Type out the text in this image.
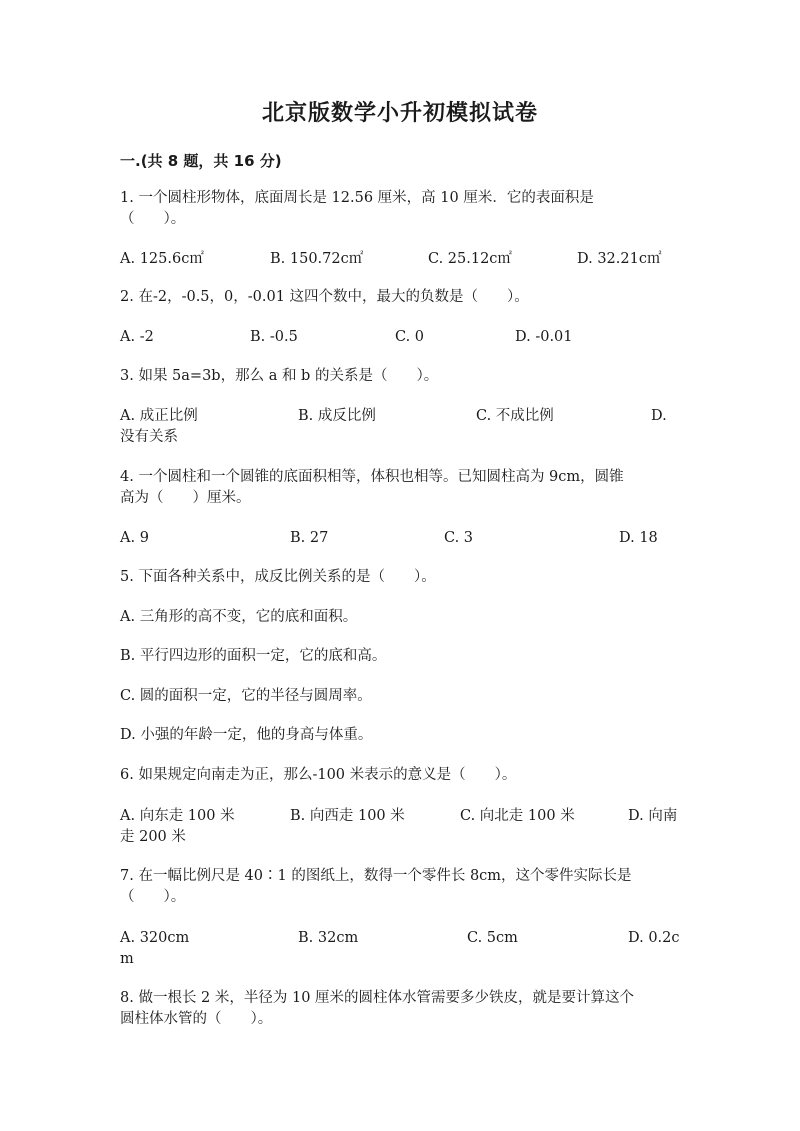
北京版数学小升初模拟试卷
一.(共 8 题，共 16 分)
1. 一个圆柱形物体，底面周长是 12.56 厘米，高 10 厘米．它的表面积是
（　　）。
A. 125.6c㎡	B. 150.72c㎡	C. 25.12c㎡	D. 32.21c㎡
2. 在-2，-0.5，0，-0.01 这四个数中，最大的负数是（　　）。
A. -2	B. -0.5	C. 0	D. -0.01
3. 如果 5a=3b，那么 a 和 b 的关系是（　　）。
A. 成正比例	B. 成反比例	C. 不成比例	D.
没有关系
4. 一个圆柱和一个圆锥的底面积相等，体积也相等。已知圆柱高为 9cm，圆锥
高为（　　）厘米。
A. 9	B. 27	C. 3	D. 18
5. 下面各种关系中，成反比例关系的是（　　）。
A. 三角形的高不变，它的底和面积。
B. 平行四边形的面积一定，它的底和高。
C. 圆的面积一定，它的半径与圆周率。
D. 小强的年龄一定，他的身高与体重。
6. 如果规定向南走为正，那么-100 米表示的意义是（　　）。
A. 向东走 100 米	B. 向西走 100 米	C. 向北走 100 米	D. 向南
走 200 米
7. 在一幅比例尺是 40∶1 的图纸上，数得一个零件长 8cm，这个零件实际长是
（　　）。
A. 320cm	B. 32cm	C. 5cm	D. 0.2c
m
8. 做一根长 2 米，半径为 10 厘米的圆柱体水管需要多少铁皮，就是要计算这个
圆柱体水管的（　　）。
